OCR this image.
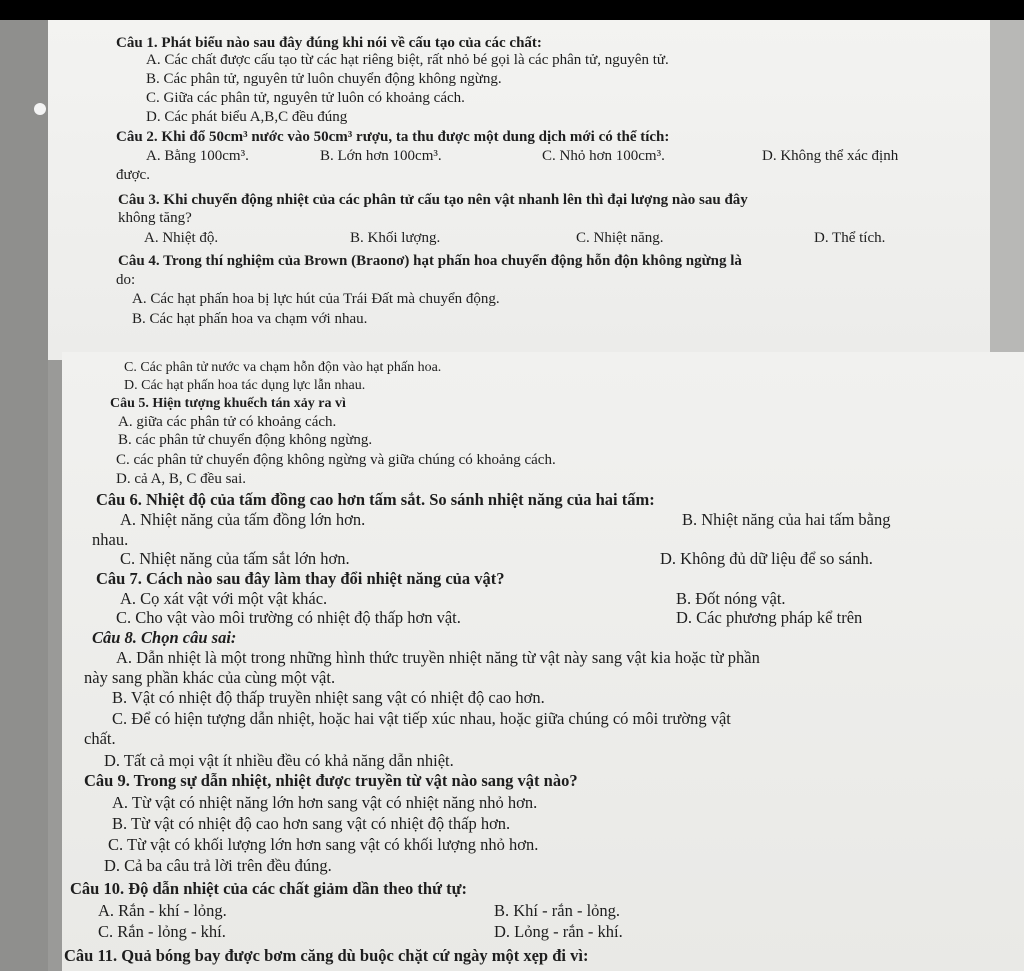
Câu 1. Phát biểu nào sau đây đúng khi nói về cấu tạo của các chất:
A. Các chất được cấu tạo từ các hạt riêng biệt, rất nhỏ bé gọi là các phân tử, nguyên tử.
B. Các phân tử, nguyên tử luôn chuyển động không ngừng.
C. Giữa các phân tử, nguyên tử luôn có khoảng cách.
D. Các phát biểu A,B,C đều đúng
Câu 2. Khi đổ 50cm³ nước vào 50cm³ rượu, ta thu được một dung dịch mới có thể tích:
A. Bằng 100cm³.	B. Lớn hơn 100cm³.	C. Nhỏ hơn 100cm³.	D. Không thể xác định
được.
Câu 3. Khi chuyển động nhiệt của các phân tử cấu tạo nên vật nhanh lên thì đại lượng nào sau đây
không tăng?
A. Nhiệt độ.	B. Khối lượng.	C. Nhiệt năng.	D. Thể tích.
Câu 4. Trong thí nghiệm của Brown (Braonơ) hạt phấn hoa chuyển động hỗn độn không ngừng là
do:
A. Các hạt phấn hoa bị lực hút của Trái Đất mà chuyển động.
B. Các hạt phấn hoa va chạm với nhau.
C. Các phân tử nước va chạm hỗn độn vào hạt phấn hoa.
D. Các hạt phấn hoa tác dụng lực lẫn nhau.
Câu 5. Hiện tượng khuếch tán xảy ra vì
A. giữa các phân tử có khoảng cách.
B. các phân tử chuyển động không ngừng.
C. các phân tử chuyển động không ngừng và giữa chúng có khoảng cách.
D. cả A, B, C đều sai.
Câu 6. Nhiệt độ của tấm đồng cao hơn tấm sắt. So sánh nhiệt năng của hai tấm:
A. Nhiệt năng của tấm đồng lớn hơn.	B. Nhiệt năng của hai tấm bằng
nhau.
C. Nhiệt năng của tấm sắt lớn hơn.	D. Không đủ dữ liệu để so sánh.
Câu 7. Cách nào sau đây làm thay đổi nhiệt năng của vật?
A. Cọ xát vật với một vật khác.	B. Đốt nóng vật.
C. Cho vật vào môi trường có nhiệt độ thấp hơn vật.	D. Các phương pháp kể trên
Câu 8. Chọn câu sai:
A. Dẫn nhiệt là một trong những hình thức truyền nhiệt năng từ vật này sang vật kia hoặc từ phần
này sang phần khác của cùng một vật.
B. Vật có nhiệt độ thấp truyền nhiệt sang vật có nhiệt độ cao hơn.
C. Để có hiện tượng dẫn nhiệt, hoặc hai vật tiếp xúc nhau, hoặc giữa chúng có môi trường vật
chất.
D. Tất cả mọi vật ít nhiều đều có khả năng dẫn nhiệt.
Câu 9. Trong sự dẫn nhiệt, nhiệt được truyền từ vật nào sang vật nào?
A. Từ vật có nhiệt năng lớn hơn sang vật có nhiệt năng nhỏ hơn.
B. Từ vật có nhiệt độ cao hơn sang vật có nhiệt độ thấp hơn.
C. Từ vật có khối lượng lớn hơn sang vật có khối lượng nhỏ hơn.
D. Cả ba câu trả lời trên đều đúng.
Câu 10. Độ dẫn nhiệt của các chất giảm dần theo thứ tự:
A. Rắn - khí - lỏng.	B. Khí - rắn - lỏng.
C. Rắn - lỏng - khí.	D. Lỏng - rắn - khí.
Câu 11. Quả bóng bay được bơm căng dù buộc chặt cứ ngày một xẹp đi vì:
